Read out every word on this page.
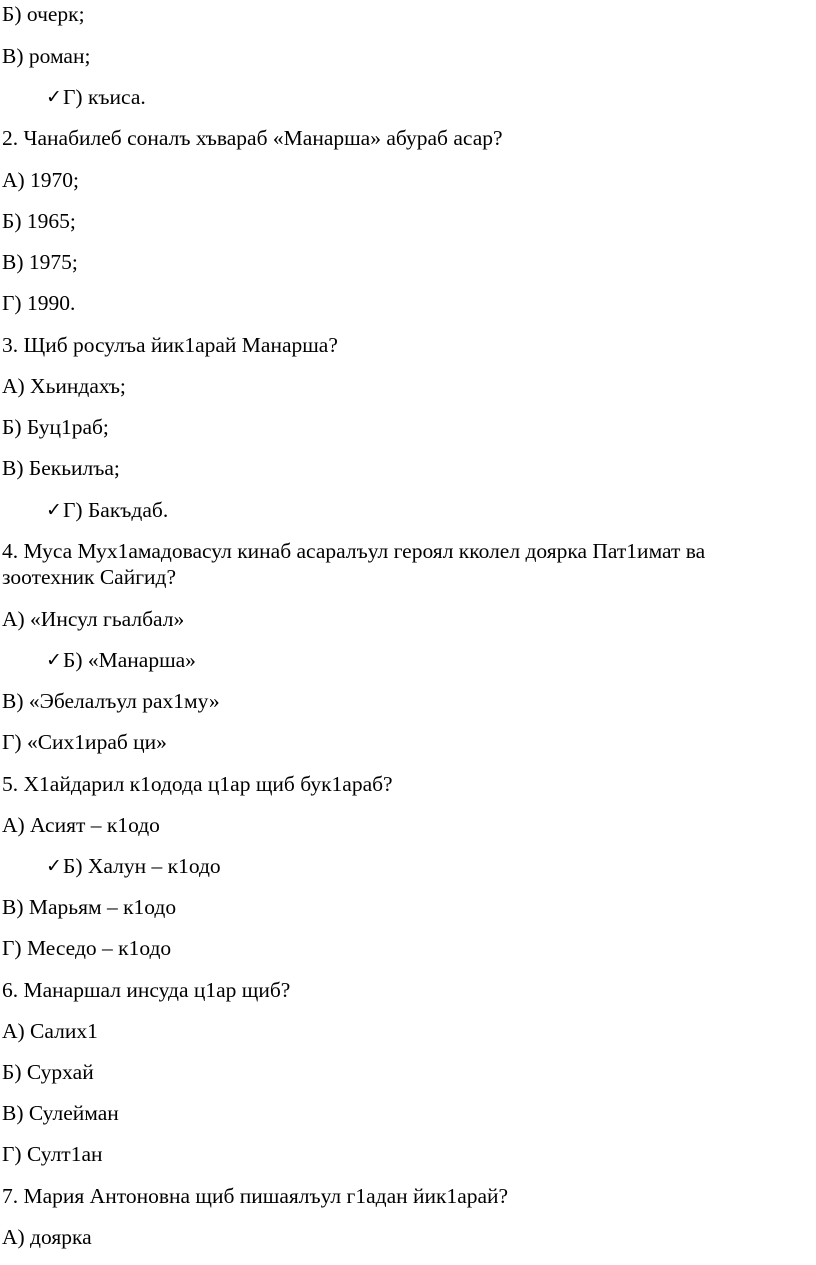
Б) очерк;
В) роман;
✓ Г) къиса.
2. Чанабилеб соналъ хъвараб «Манарша» абураб асар?
А) 1970;
Б) 1965;
В) 1975;
Г) 1990.
3. Щиб росулъа йик1арай Манарша?
А) Хьиндахъ;
Б) Буц1раб;
В) Бекьилъа;
✓ Г) Бакъдаб.
4. Муса Мух1амадовасул кинаб асаралъул героял кколел доярка Пат1имат ва
зоотехник Сайгид?
А) «Инсул гьалбал»
✓ Б) «Манарша»
В) «Эбелалъул рах1му»
Г) «Сих1ираб ци»
5. Х1айдарил к1одода ц1ар щиб бук1араб?
А) Асият – к1одо
✓ Б) Халун – к1одо
В) Марьям – к1одо
Г) Меседо – к1одо
6. Манаршал инсуда ц1ар щиб?
А) Салих1
Б) Сурхай
В) Сулейман
Г) Султ1ан
7. Мария Антоновна щиб пишаялъул г1адан йик1арай?
А) доярка
